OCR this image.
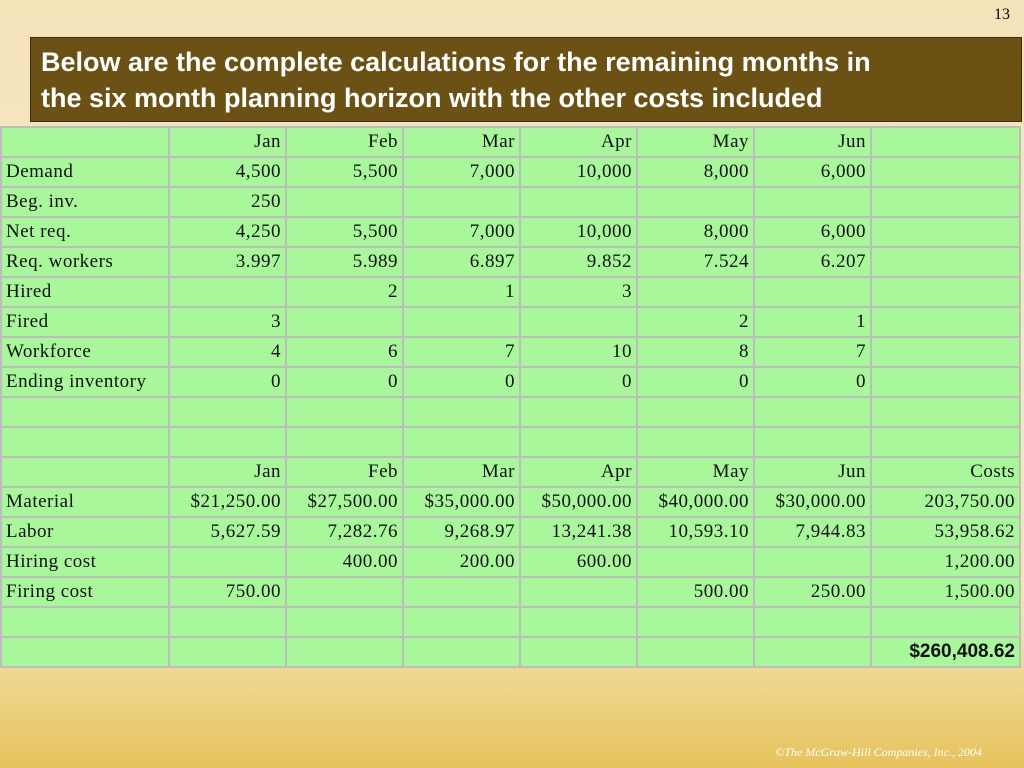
13
Below are the complete calculations for the remaining months in
the six month planning horizon with the other costs included
	Jan	Feb	Mar	Apr	May	Jun	
Demand	4,500	5,500	7,000	10,000	8,000	6,000	
Beg. inv.	250						
Net req.	4,250	5,500	7,000	10,000	8,000	6,000	
Req. workers	3.997	5.989	6.897	9.852	7.524	6.207	
Hired		2	1	3			
Fired	3				2	1	
Workforce	4	6	7	10	8	7	
Ending inventory	0	0	0	0	0	0	

	Jan	Feb	Mar	Apr	May	Jun	Costs
Material	$21,250.00	$27,500.00	$35,000.00	$50,000.00	$40,000.00	$30,000.00	203,750.00
Labor	5,627.59	7,282.76	9,268.97	13,241.38	10,593.10	7,944.83	53,958.62
Hiring cost		400.00	200.00	600.00			1,200.00
Firing cost	750.00				500.00	250.00	1,500.00

							$260,408.62
©The McGraw-Hill Companies, Inc., 2004
